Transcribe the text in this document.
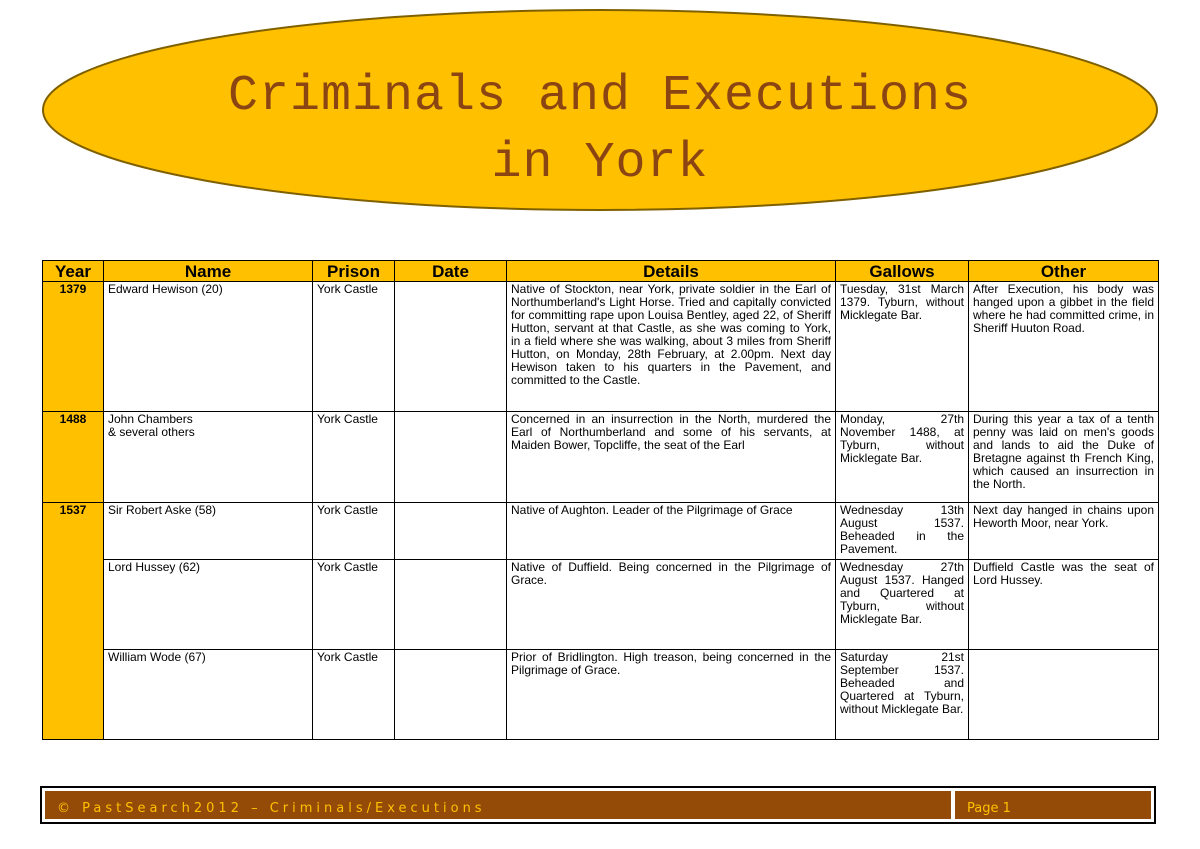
Criminals and Executions
in York
Year	Name	Prison	Date	Details	Gallows	Other
1379	Edward Hewison (20)	York Castle		Native of Stockton, near York, private soldier in the Earl of Northumberland's Light Horse. Tried and capitally convicted for committing rape upon Louisa Bentley, aged 22, of Sheriff Hutton, servant at that Castle, as she was coming to York, in a field where she was walking, about 3 miles from Sheriff Hutton, on Monday, 28th February, at 2.00pm. Next day Hewison taken to his quarters in the Pavement, and committed to the Castle.	Tuesday, 31st March 1379. Tyburn, without Micklegate Bar.	After Execution, his body was hanged upon a gibbet in the field where he had committed crime, in Sheriff Huuton Road.
1488	John Chambers
& several others	York Castle		Concerned in an insurrection in the North, murdered the Earl of Northumberland and some of his servants, at Maiden Bower, Topcliffe, the seat of the Earl	Monday, 27th November 1488, at Tyburn, without Micklegate Bar.	During this year a tax of a tenth penny was laid on men's goods and lands to aid the Duke of Bretagne against th French King, which caused an insurrection in the North.
1537	Sir Robert Aske (58)	York Castle		Native of Aughton. Leader of the Pilgrimage of Grace	Wednesday 13th August 1537. Beheaded in the Pavement.	Next day hanged in chains upon Heworth Moor, near York.
	Lord Hussey (62)	York Castle		Native of Duffield. Being concerned in the Pilgrimage of Grace.	Wednesday 27th August 1537. Hanged and Quartered at Tyburn, without Micklegate Bar.	Duffield Castle was the seat of Lord Hussey.
	William Wode (67)	York Castle		Prior of Bridlington. High treason, being concerned in the Pilgrimage of Grace.	Saturday 21st September 1537. Beheaded and Quartered at Tyburn, without Micklegate Bar.	
© PastSearch2012 – Criminals/Executions	Page 1
